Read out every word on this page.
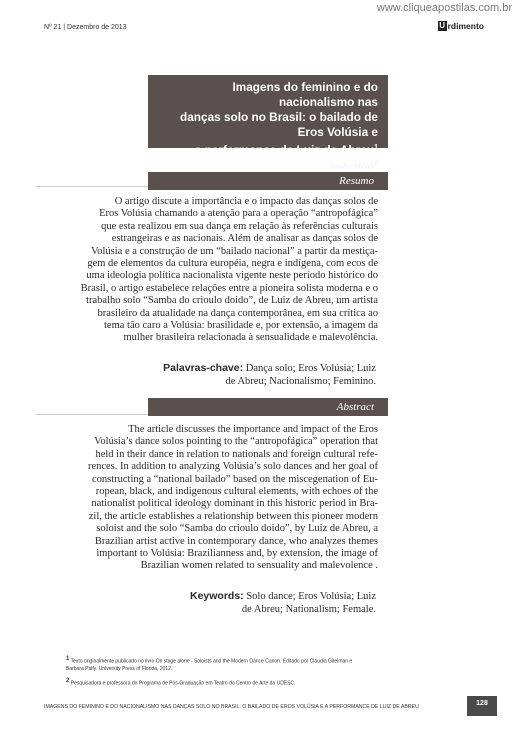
www.cliqueapostilas.com.br
Nº 21 | Dezembro de 2013	U rdimento
Imagens do feminino e do nacionalismo nas
danças solo no Brasil: o bailado de Eros Volúsia e
a performance de Luiz de Abreu$^1$
Sandra Meyer$^2$
Resumo
O artigo discute a importância e o impacto das danças solos de
Eros Volúsia chamando a atenção para a operação “antropofágica”
que esta realizou em sua dança em relação às referências culturais
estrangeiras e as nacionais. Além de analisar as danças solos de
Volúsia e a construção de um “bailado nacional” a partir da mestiça-
gem de elementos da cultura européia, negra e indígena, com ecos de
uma ideologia política nacionalista vigente neste período histórico do
Brasil, o artigo estabelece relações entre a pioneira solista moderna e o
trabalho solo “Samba do crioulo doido”, de Luiz de Abreu, um artista
brasileiro da atualidade na dança contemporânea, em sua crítica ao
tema tão caro a Volúsia: brasilidade e, por extensão, a imagem da
mulher brasileira relacionada à sensualidade e malevolência.
Palavras-chave: Dança solo; Eros Volúsia; Luiz
de Abreu; Nacionalismo; Feminino.
Abstract
The article discusses the importance and impact of the Eros
Volúsia’s dance solos pointing to the “antropofágica” operation that
held in their dance in relation to nationals and foreign cultural refe-
rences. In addition to analyzing Volúsia’s solo dances and her goal of
constructing a “national bailado” based on the miscegenation of Eu-
ropean, black, and indigenous cultural elements, with echoes of the
nationalist political ideology dominant in this historic period in Bra-
zil, the article establishes a relationship between this pioneer modern
soloist and the solo “Samba do crioulo doido”, by Luiz de Abreu, a
Brazilian artist active in contemporary dance, who analyzes themes
important to Volúsia: Brazilianness and, by extension, the image of
Brazilian women related to sensuality and malevolence .
Keywords: Solo dance; Eros Volúsia; Luiz
de Abreu; Nationalism; Female.

$^1$ Texto originalmente publicado no livro On stage alone - Soloists and the Modern Dance Canon. Editado por Claudia Gitelman e Barbara Palfy. University Press of Florida, 2012.

$^2$ Pesquisadora e professora do Programa de Pós-Graduação em Teatro do Centro de Arte da UDESC.

IMAGENS DO FEMININO E DO NACIONALISMO NAS DANÇAS SOLO NO BRASIL: O BAILADO DE EROS VOLÚSIA E A PERFORMANCE DE LUIZ DE ABREU	128
